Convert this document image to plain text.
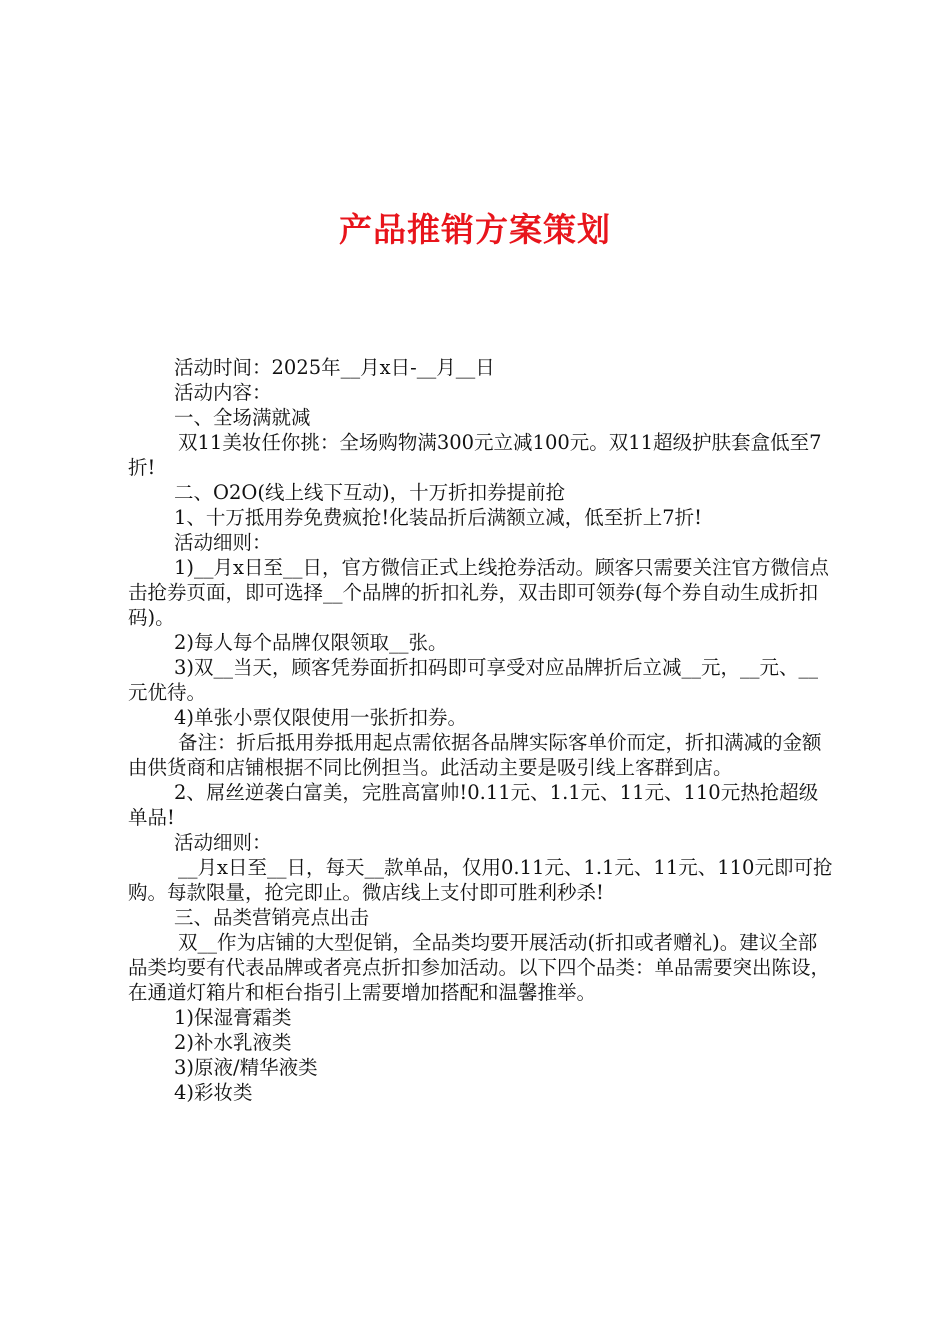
产品推销方案策划

活动时间：2025年__月x日-__月__日

活动内容：

一、全场满就减

双11美妆任你挑：全场购物满300元立减100元。双11超级护肤套盒低至7折!

二、O2O(线上线下互动)，十万折扣券提前抢

1、十万抵用券免费疯抢!化装品折后满额立减，低至折上7折!

活动细则：

1)__月x日至__日，官方微信正式上线抢券活动。顾客只需要关注官方微信点击抢券页面，即可选择__个品牌的折扣礼券，双击即可领券(每个券自动生成折扣码)。

2)每人每个品牌仅限领取__张。

3)双__当天，顾客凭券面折扣码即可享受对应品牌折后立减__元，__元、__元优待。

4)单张小票仅限使用一张折扣券。

备注：折后抵用券抵用起点需依据各品牌实际客单价而定，折扣满减的金额由供货商和店铺根据不同比例担当。此活动主要是吸引线上客群到店。

2、屌丝逆袭白富美，完胜高富帅!0.11元、1.1元、11元、110元热抢超级单品!

活动细则：

__月x日至__日，每天__款单品，仅用0.11元、1.1元、11元、110元即可抢购。每款限量，抢完即止。微店线上支付即可胜利秒杀!

三、品类营销亮点出击

双__作为店铺的大型促销，全品类均要开展活动(折扣或者赠礼)。建议全部品类均要有代表品牌或者亮点折扣参加活动。以下四个品类：单品需要突出陈设，在通道灯箱片和柜台指引上需要增加搭配和温馨推举。

1)保湿膏霜类

2)补水乳液类

3)原液/精华液类

4)彩妆类
